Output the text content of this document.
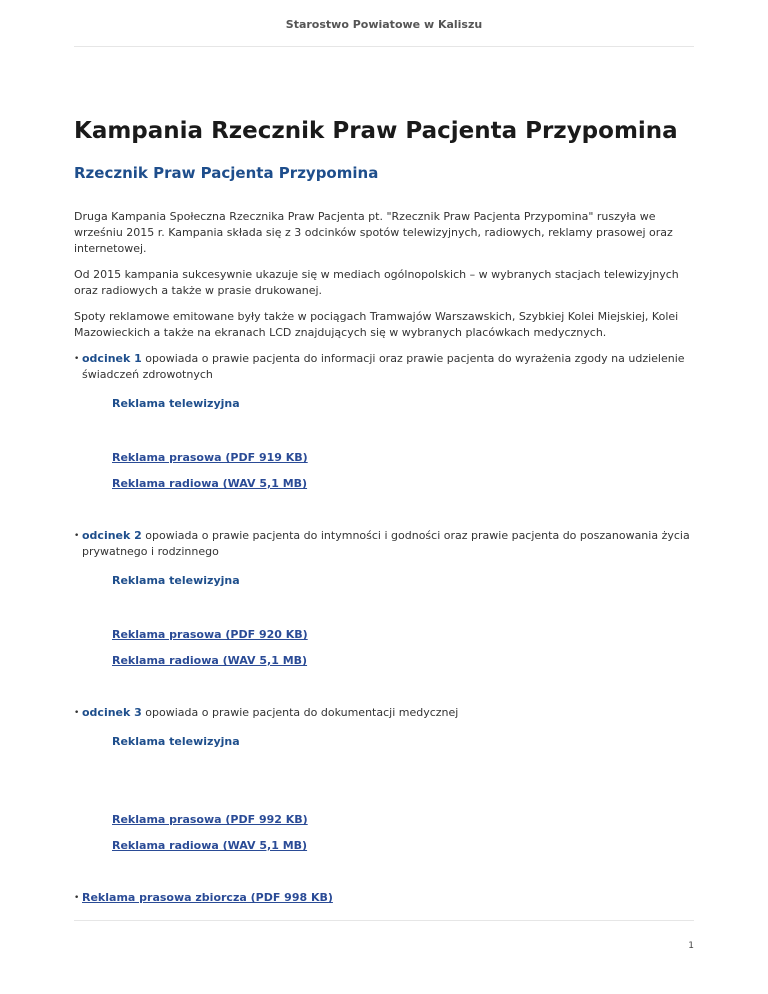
Starostwo Powiatowe w Kaliszu
Kampania Rzecznik Praw Pacjenta Przypomina
Rzecznik Praw Pacjenta Przypomina

Druga Kampania Społeczna Rzecznika Praw Pacjenta pt. "Rzecznik Praw Pacjenta Przypomina" ruszyła we wrześniu 2015 r. Kampania składa się z 3 odcinków spotów telewizyjnych, radiowych, reklamy prasowej oraz internetowej.

Od 2015 kampania sukcesywnie ukazuje się w mediach ogólnopolskich – w wybranych stacjach telewizyjnych oraz radiowych a także w prasie drukowanej.

Spoty reklamowe emitowane były także w pociągach Tramwajów Warszawskich, Szybkiej Kolei Miejskiej, Kolei Mazowieckich a także na ekranach LCD znajdujących się w wybranych placówkach medycznych.

• odcinek 1 opowiada o prawie pacjenta do informacji oraz prawie pacjenta do wyrażenia zgody na udzielenie świadczeń zdrowotnych
Reklama telewizyjna
Reklama prasowa (PDF 919 KB)
Reklama radiowa (WAV 5,1 MB)
• odcinek 2 opowiada o prawie pacjenta do intymności i godności oraz prawie pacjenta do poszanowania życia prywatnego i rodzinnego
Reklama telewizyjna
Reklama prasowa (PDF 920 KB)
Reklama radiowa (WAV 5,1 MB)
• odcinek 3 opowiada o prawie pacjenta do dokumentacji medycznej
Reklama telewizyjna
Reklama prasowa (PDF 992 KB)
Reklama radiowa (WAV 5,1 MB)
• Reklama prasowa zbiorcza (PDF 998 KB)
1
